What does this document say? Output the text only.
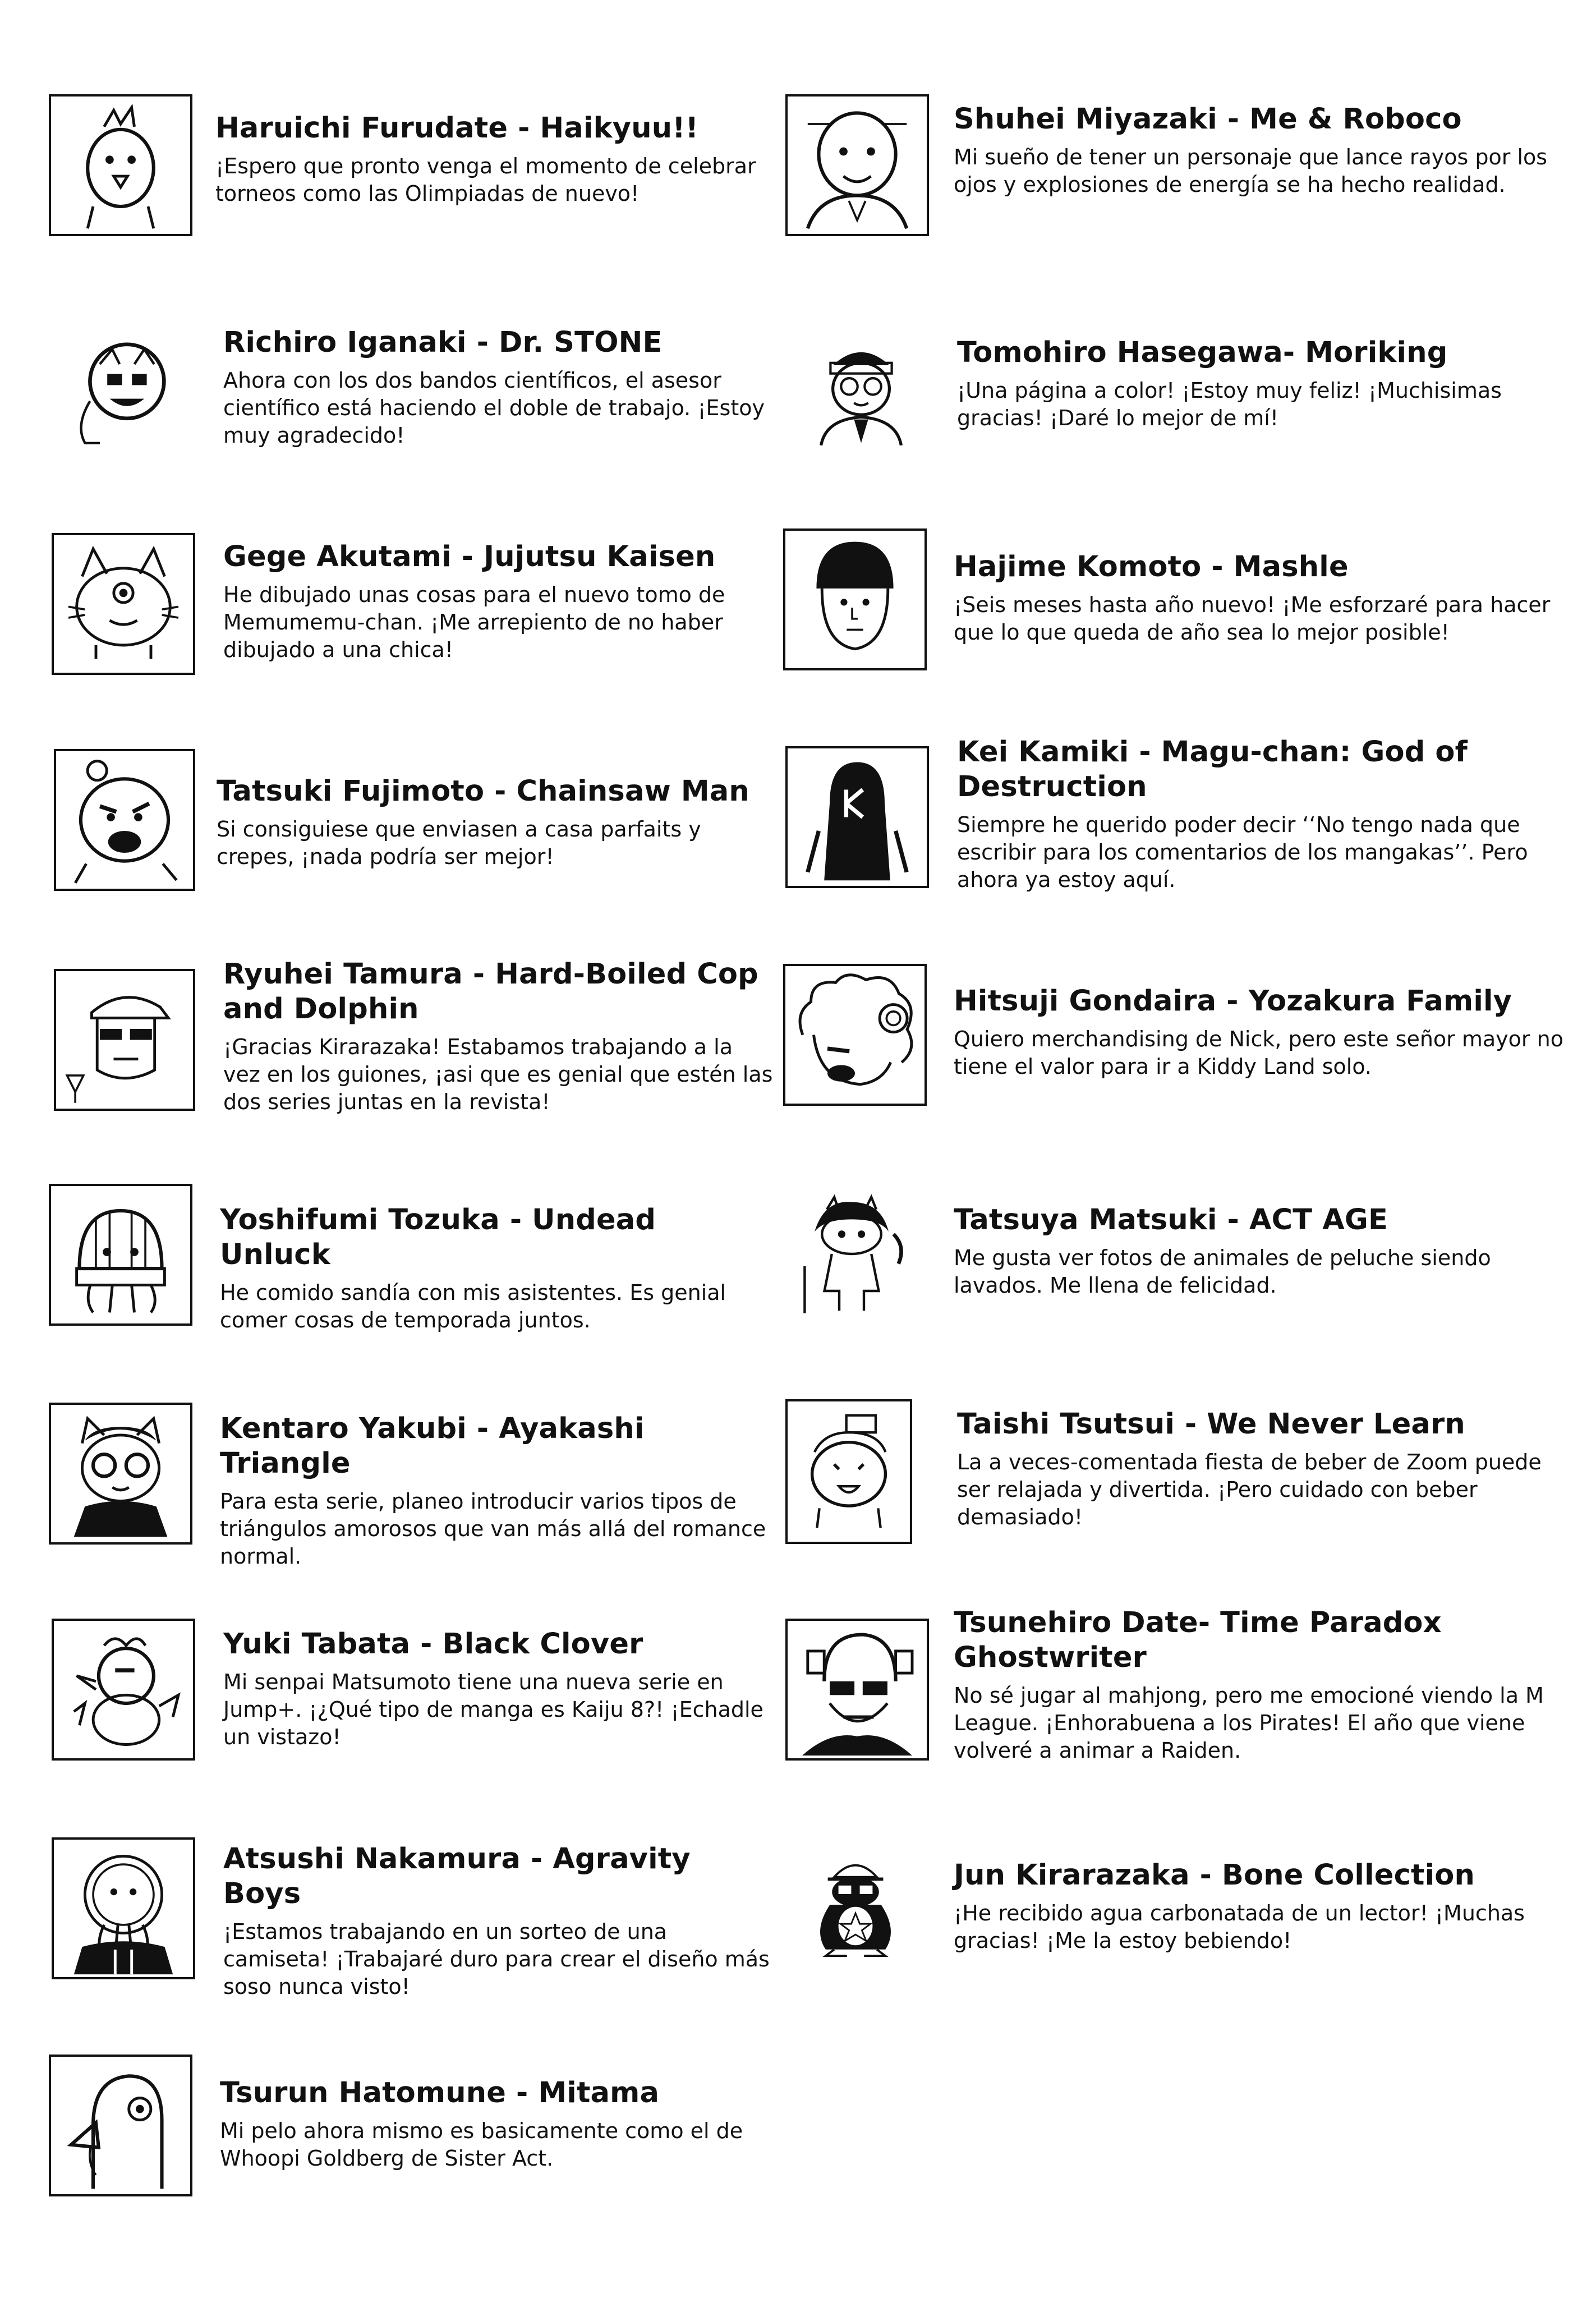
Haruichi Furudate - Haikyuu!!

¡Espero que pronto venga el momento de celebrar torneos como las Olimpiadas de nuevo!

Richiro Iganaki - Dr. STONE

Ahora con los dos bandos científicos, el asesor científico está haciendo el doble de trabajo. ¡Estoy muy agradecido!

Gege Akutami - Jujutsu Kaisen

He dibujado unas cosas para el nuevo tomo de Memumemu-chan. ¡Me arrepiento de no haber dibujado a una chica!

Tatsuki Fujimoto - Chainsaw Man

Si consiguiese que enviasen a casa parfaits y crepes, ¡nada podría ser mejor!

Ryuhei Tamura - Hard-Boiled Cop and Dolphin

¡Gracias Kirarazaka! Estabamos trabajando a la vez en los guiones, ¡asi que es genial que estén las dos series juntas en la revista!

Yoshifumi Tozuka - Undead Unluck

He comido sandía con mis asistentes. Es genial comer cosas de temporada juntos.

Kentaro Yakubi - Ayakashi Triangle

Para esta serie, planeo introducir varios tipos de triángulos amorosos que van más allá del romance normal.

Yuki Tabata - Black Clover

Mi senpai Matsumoto tiene una nueva serie en Jump+. ¡¿Qué tipo de manga es Kaiju 8?! ¡Echadle un vistazo!

Atsushi Nakamura - Agravity Boys

¡Estamos trabajando en un sorteo de una camiseta! ¡Trabajaré duro para crear el diseño más soso nunca visto!

Tsurun Hatomune - Mitama

Mi pelo ahora mismo es basicamente como el de Whoopi Goldberg de Sister Act.

Shuhei Miyazaki - Me & Roboco

Mi sueño de tener un personaje que lance rayos por los ojos y explosiones de energía se ha hecho realidad.

Tomohiro Hasegawa- Moriking

¡Una página a color! ¡Estoy muy feliz! ¡Muchisimas gracias! ¡Daré lo mejor de mí!

Hajime Komoto - Mashle

¡Seis meses hasta año nuevo! ¡Me esforzaré para hacer que lo que queda de año sea lo mejor posible!

Kei Kamiki - Magu-chan: God of Destruction

Siempre he querido poder decir ‘‘No tengo nada que escribir para los comentarios de los mangakas’’. Pero ahora ya estoy aquí.

Hitsuji Gondaira - Yozakura Family

Quiero merchandising de Nick, pero este señor mayor no tiene el valor para ir a Kiddy Land solo.

Tatsuya Matsuki - ACT AGE

Me gusta ver fotos de animales de peluche siendo lavados. Me llena de felicidad.

Taishi Tsutsui - We Never Learn

La a veces-comentada fiesta de beber de Zoom puede ser relajada y divertida. ¡Pero cuidado con beber demasiado!

Tsunehiro Date- Time Paradox Ghostwriter

No sé jugar al mahjong, pero me emocioné viendo la M League. ¡Enhorabuena a los Pirates! El año que viene volveré a animar a Raiden.

Jun Kirarazaka - Bone Collection

¡He recibido agua carbonatada de un lector! ¡Muchas gracias! ¡Me la estoy bebiendo!
